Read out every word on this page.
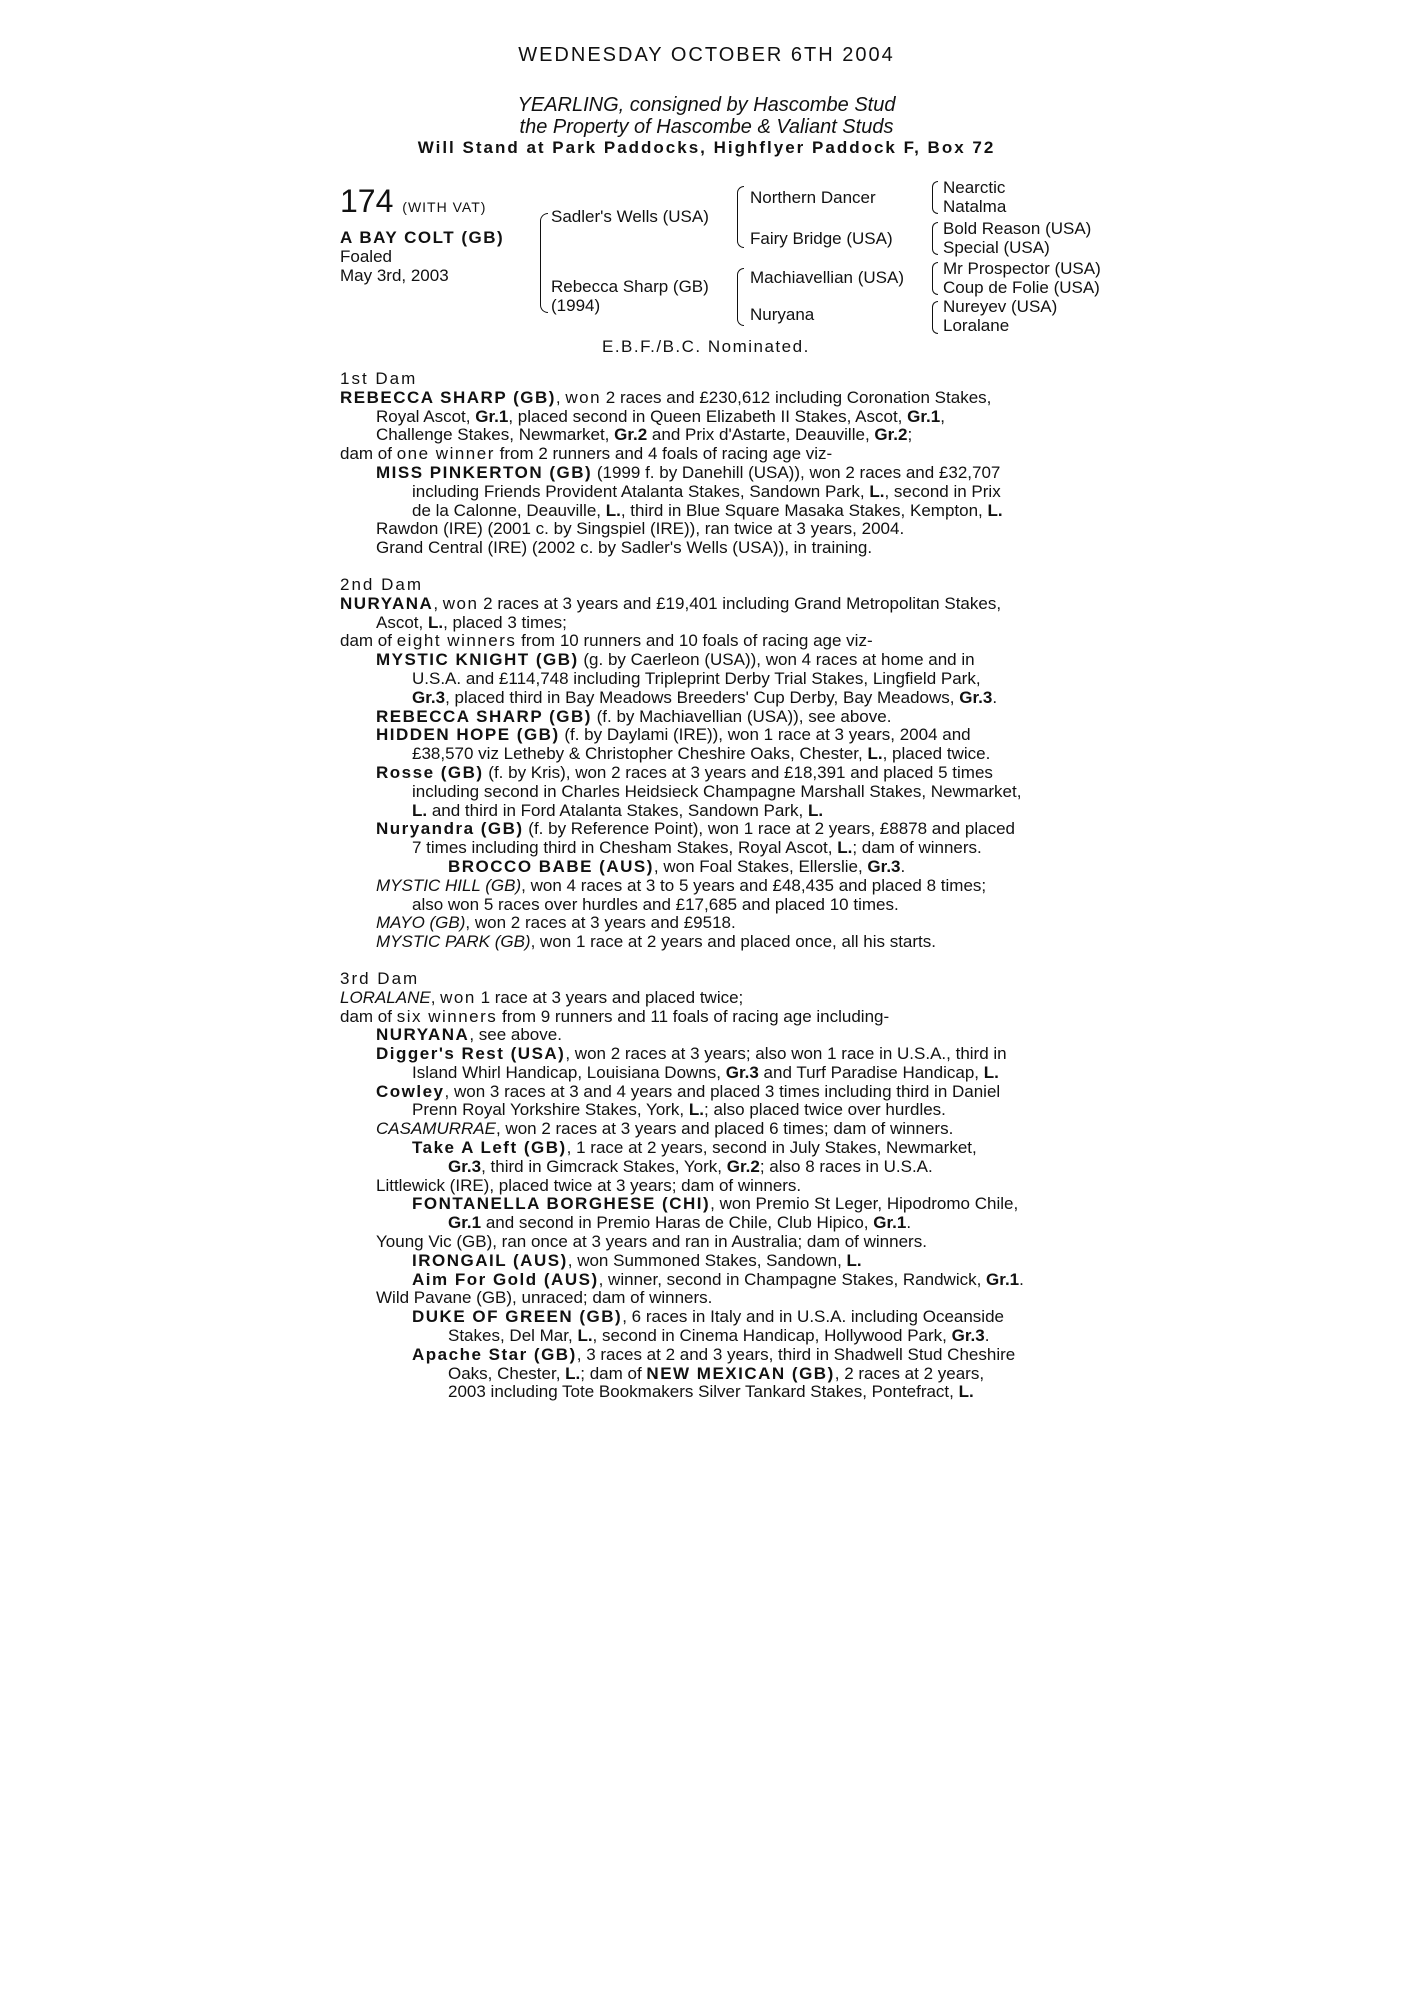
WEDNESDAY OCTOBER 6TH 2004
YEARLING, consigned by Hascombe Stud
the Property of Hascombe & Valiant Studs
Will Stand at Park Paddocks, Highflyer Paddock F, Box 72
174 (WITH VAT)
A BAY COLT (GB)
Foaled
May 3rd, 2003
Sadler's Wells (USA)
Rebecca Sharp (GB)
(1994)
Northern Dancer
Fairy Bridge (USA)
Machiavellian (USA)
Nuryana
Nearctic
Natalma
Bold Reason (USA)
Special (USA)
Mr Prospector (USA)
Coup de Folie (USA)
Nureyev (USA)
Loralane
E.B.F./B.C. Nominated.
1st Dam
REBECCA SHARP (GB), won 2 races and £230,612 including Coronation Stakes,
Royal Ascot, Gr.1, placed second in Queen Elizabeth II Stakes, Ascot, Gr.1,
Challenge Stakes, Newmarket, Gr.2 and Prix d'Astarte, Deauville, Gr.2;
dam of one winner from 2 runners and 4 foals of racing age viz-
MISS PINKERTON (GB) (1999 f. by Danehill (USA)), won 2 races and £32,707
including Friends Provident Atalanta Stakes, Sandown Park, L., second in Prix
de la Calonne, Deauville, L., third in Blue Square Masaka Stakes, Kempton, L.
Rawdon (IRE) (2001 c. by Singspiel (IRE)), ran twice at 3 years, 2004.
Grand Central (IRE) (2002 c. by Sadler's Wells (USA)), in training.
2nd Dam
NURYANA, won 2 races at 3 years and £19,401 including Grand Metropolitan Stakes,
Ascot, L., placed 3 times;
dam of eight winners from 10 runners and 10 foals of racing age viz-
MYSTIC KNIGHT (GB) (g. by Caerleon (USA)), won 4 races at home and in
U.S.A. and £114,748 including Tripleprint Derby Trial Stakes, Lingfield Park,
Gr.3, placed third in Bay Meadows Breeders' Cup Derby, Bay Meadows, Gr.3.
REBECCA SHARP (GB) (f. by Machiavellian (USA)), see above.
HIDDEN HOPE (GB) (f. by Daylami (IRE)), won 1 race at 3 years, 2004 and
£38,570 viz Letheby & Christopher Cheshire Oaks, Chester, L., placed twice.
Rosse (GB) (f. by Kris), won 2 races at 3 years and £18,391 and placed 5 times
including second in Charles Heidsieck Champagne Marshall Stakes, Newmarket,
L. and third in Ford Atalanta Stakes, Sandown Park, L.
Nuryandra (GB) (f. by Reference Point), won 1 race at 2 years, £8878 and placed
7 times including third in Chesham Stakes, Royal Ascot, L.; dam of winners.
BROCCO BABE (AUS), won Foal Stakes, Ellerslie, Gr.3.
MYSTIC HILL (GB), won 4 races at 3 to 5 years and £48,435 and placed 8 times;
also won 5 races over hurdles and £17,685 and placed 10 times.
MAYO (GB), won 2 races at 3 years and £9518.
MYSTIC PARK (GB), won 1 race at 2 years and placed once, all his starts.
3rd Dam
LORALANE, won 1 race at 3 years and placed twice;
dam of six winners from 9 runners and 11 foals of racing age including-
NURYANA, see above.
Digger's Rest (USA), won 2 races at 3 years; also won 1 race in U.S.A., third in
Island Whirl Handicap, Louisiana Downs, Gr.3 and Turf Paradise Handicap, L.
Cowley, won 3 races at 3 and 4 years and placed 3 times including third in Daniel
Prenn Royal Yorkshire Stakes, York, L.; also placed twice over hurdles.
CASAMURRAE, won 2 races at 3 years and placed 6 times; dam of winners.
Take A Left (GB), 1 race at 2 years, second in July Stakes, Newmarket,
Gr.3, third in Gimcrack Stakes, York, Gr.2; also 8 races in U.S.A.
Littlewick (IRE), placed twice at 3 years; dam of winners.
FONTANELLA BORGHESE (CHI), won Premio St Leger, Hipodromo Chile,
Gr.1 and second in Premio Haras de Chile, Club Hipico, Gr.1.
Young Vic (GB), ran once at 3 years and ran in Australia; dam of winners.
IRONGAIL (AUS), won Summoned Stakes, Sandown, L.
Aim For Gold (AUS), winner, second in Champagne Stakes, Randwick, Gr.1.
Wild Pavane (GB), unraced; dam of winners.
DUKE OF GREEN (GB), 6 races in Italy and in U.S.A. including Oceanside
Stakes, Del Mar, L., second in Cinema Handicap, Hollywood Park, Gr.3.
Apache Star (GB), 3 races at 2 and 3 years, third in Shadwell Stud Cheshire
Oaks, Chester, L.; dam of NEW MEXICAN (GB), 2 races at 2 years,
2003 including Tote Bookmakers Silver Tankard Stakes, Pontefract, L.
